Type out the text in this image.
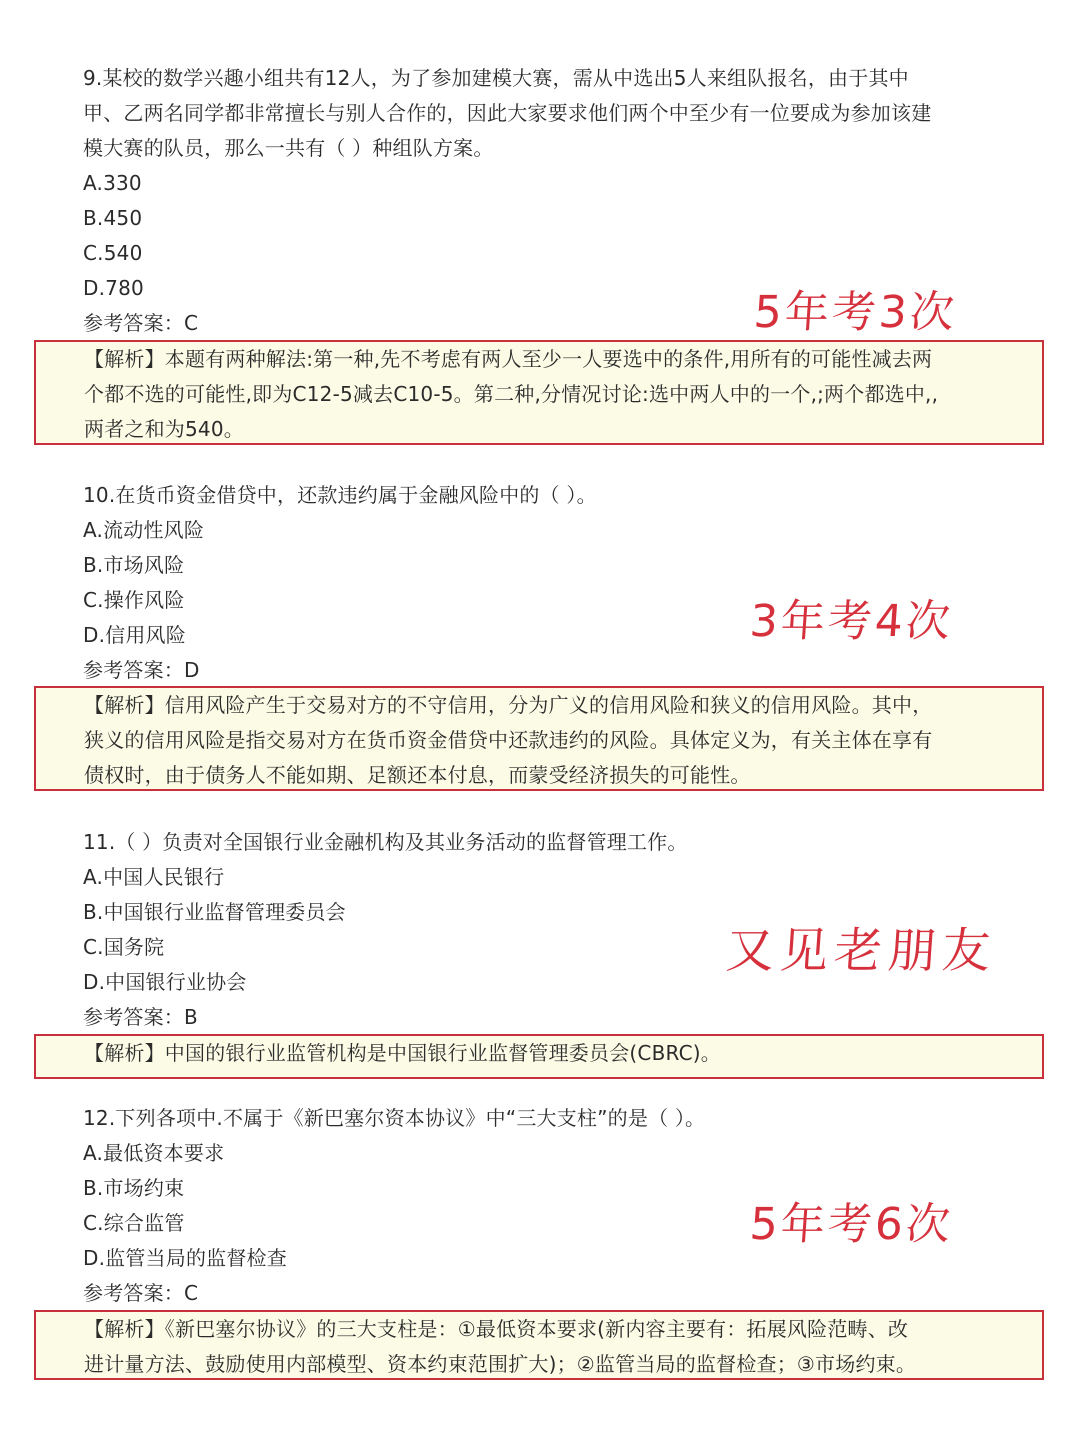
9.某校的数学兴趣小组共有12人，为了参加建模大赛，需从中选出5人来组队报名，由于其中
甲、乙两名同学都非常擅长与别人合作的，因此大家要求他们两个中至少有一位要成为参加该建
模大赛的队员，那么一共有（ ）种组队方案。
A.330
B.450
C.540
D.780
参考答案：C	5年考3次
【解析】本题有两种解法:第一种,先不考虑有两人至少一人要选中的条件,用所有的可能性减去两
个都不选的可能性,即为C12-5减去C10-5。第二种,分情况讨论:选中两人中的一个,;两个都选中,,
两者之和为540。
10.在货币资金借贷中，还款违约属于金融风险中的（ ）。
A.流动性风险
B.市场风险
C.操作风险
D.信用风险
参考答案：D
3年考4次
【解析】信用风险产生于交易对方的不守信用，分为广义的信用风险和狭义的信用风险。其中，
狭义的信用风险是指交易对方在货币资金借贷中还款违约的风险。具体定义为，有关主体在享有
债权时，由于债务人不能如期、足额还本付息，而蒙受经济损失的可能性。
11.（ ）负责对全国银行业金融机构及其业务活动的监督管理工作。
A.中国人民银行
B.中国银行业监督管理委员会
C.国务院
D.中国银行业协会
参考答案：B
又见老朋友
【解析】中国的银行业监管机构是中国银行业监督管理委员会(CBRC)。
12.下列各项中.不属于《新巴塞尔资本协议》中“三大支柱”的是（ ）。
A.最低资本要求
B.市场约束
C.综合监管
D.监管当局的监督检查
参考答案：C
5年考6次
【解析】《新巴塞尔协议》的三大支柱是：①最低资本要求(新内容主要有：拓展风险范畴、改
进计量方法、鼓励使用内部模型、资本约束范围扩大)；②监管当局的监督检查；③市场约束。
